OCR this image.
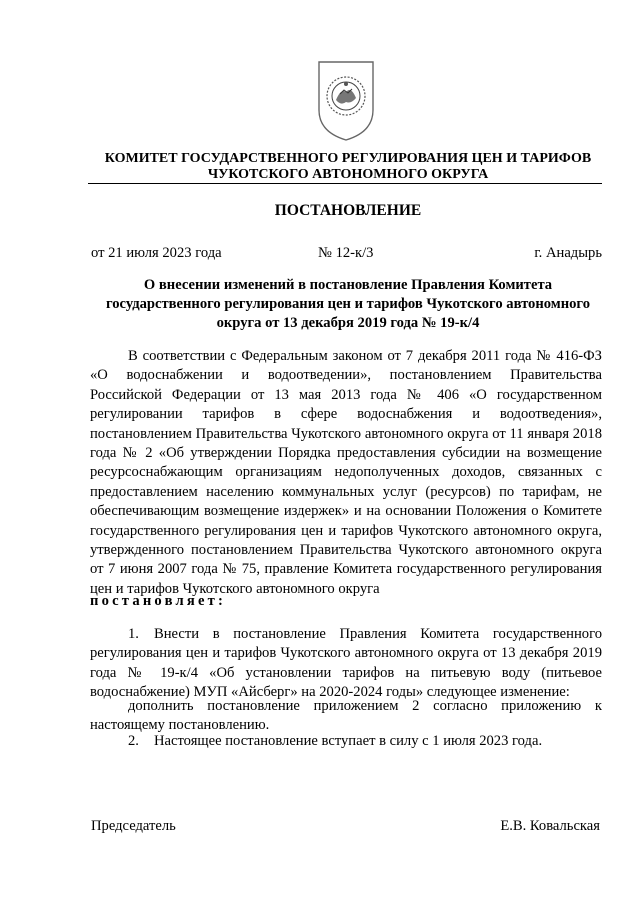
КОМИТЕТ ГОСУДАРСТВЕННОГО РЕГУЛИРОВАНИЯ ЦЕН И ТАРИФОВ
ЧУКОТСКОГО АВТОНОМНОГО ОКРУГА
ПОСТАНОВЛЕНИЕ
от 21 июля 2023 года	№ 12-к/3	г. Анадырь
О внесении изменений в постановление Правления Комитета государственного регулирования цен и тарифов Чукотского автономного округа от 13 декабря 2019 года № 19-к/4
В соответствии с Федеральным законом от 7 декабря 2011 года № 416-ФЗ «О водоснабжении и водоотведении», постановлением Правительства Российской Федерации от 13 мая 2013 года № 406 «О государственном регулировании тарифов в сфере водоснабжения и водоотведения», постановлением Правительства Чукотского автономного округа от 11 января 2018 года № 2 «Об утверждении Порядка предоставления субсидии на возмещение ресурсоснабжающим организациям недополученных доходов, связанных с предоставлением населению коммунальных услуг (ресурсов) по тарифам, не обеспечивающим возмещение издержек» и на основании Положения о Комитете государственного регулирования цен и тарифов Чукотского автономного округа, утвержденного постановлением Правительства Чукотского автономного округа от 7 июня 2007 года № 75, правление Комитета государственного регулирования цен и тарифов Чукотского автономного округа
постановляет:
1. Внести в постановление Правления Комитета государственного регулирования цен и тарифов Чукотского автономного округа от 13 декабря 2019 года № 19-к/4 «Об установлении тарифов на питьевую воду (питьевое водоснабжение) МУП «Айсберг» на 2020-2024 годы» следующее изменение:
дополнить постановление приложением 2 согласно приложению к настоящему постановлению.
2. Настоящее постановление вступает в силу с 1 июля 2023 года.
Председатель	Е.В. Ковальская
